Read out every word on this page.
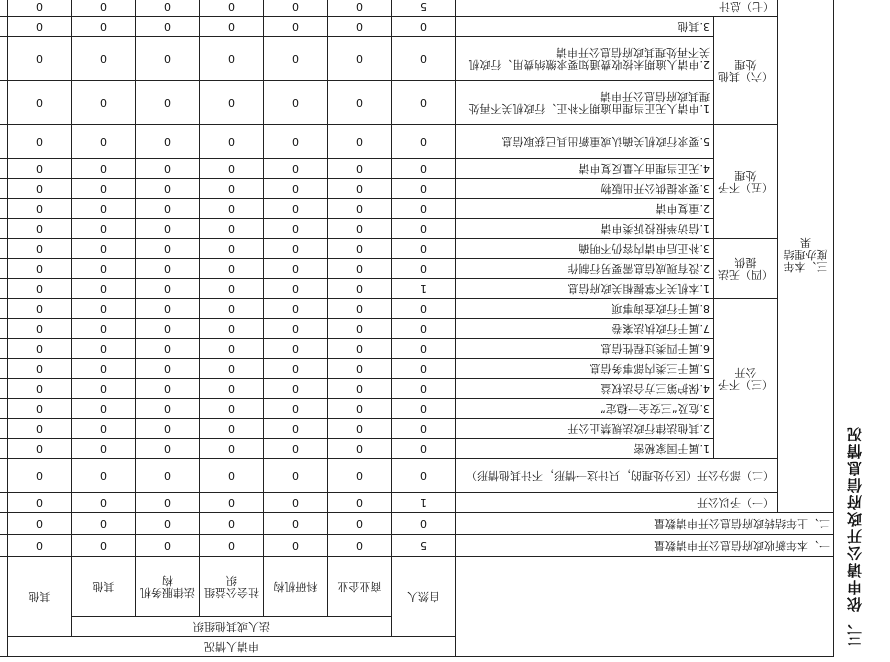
三、依申请公开政府信息情况
			申请人情况	
			自然人	法人或其他组织					其他	
				商业企业	科研机构	社会公益组织	法律服务机构	其他		
一、本年新收政府信息公开申请数量			5	0	0	0	0	0	0	
二、上年结转政府信息公开申请数量			0	0	0	0	0	0	0	
三、本年度办理结果	（一）予以公开		1	0	0	0	0	0	0	
	（二）部分公开（区分处理的，只计这一情形，不计其他情形）		0	0	0	0	0	0	0	
	（三）不予公开	1.属于国家秘密	0	0	0	0	0	0	0	
		2.其他法律行政法规禁止公开	0	0	0	0	0	0	0	
		3.危及“三安全一稳定”	0	0	0	0	0	0	0	
		4.保护第三方合法权益	0	0	0	0	0	0	0	
		5.属于三类内部事务信息	0	0	0	0	0	0	0	
		6.属于四类过程性信息	0	0	0	0	0	0	0	
		7.属于行政执法案卷	0	0	0	0	0	0	0	
		8.属于行政查询事项	0	0	0	0	0	0	0	
	（四）无法提供	1.本机关不掌握相关政府信息	1	0	0	0	0	0	0	
		2.没有现成信息需要另行制作	0	0	0	0	0	0	0	
		3.补正后申请内容仍不明确	0	0	0	0	0	0	0	
	（五）不予处理	1.信访举报投诉类申请	0	0	0	0	0	0	0	
		2.重复申请	0	0	0	0	0	0	0	
		3.要求提供公开出版物	0	0	0	0	0	0	0	
		4.无正当理由大量反复申请	0	0	0	0	0	0	0	
		5.要求行政机关确认或重新出具已获取信息	0	0	0	0	0	0	0	
	（六）其他处理	1.申请人无正当理由逾期不补正、行政机关不再处理其政府信息公开申请	0	0	0	0	0	0	0	
		2.申请人逾期未按收费通知要求缴纳费用、行政机关不再处理其政府信息公开申请	0	0	0	0	0	0	0	
		3.其他	0	0	0	0	0	0	0	
	（七）总计		5	0	0	0	0	0	0	
